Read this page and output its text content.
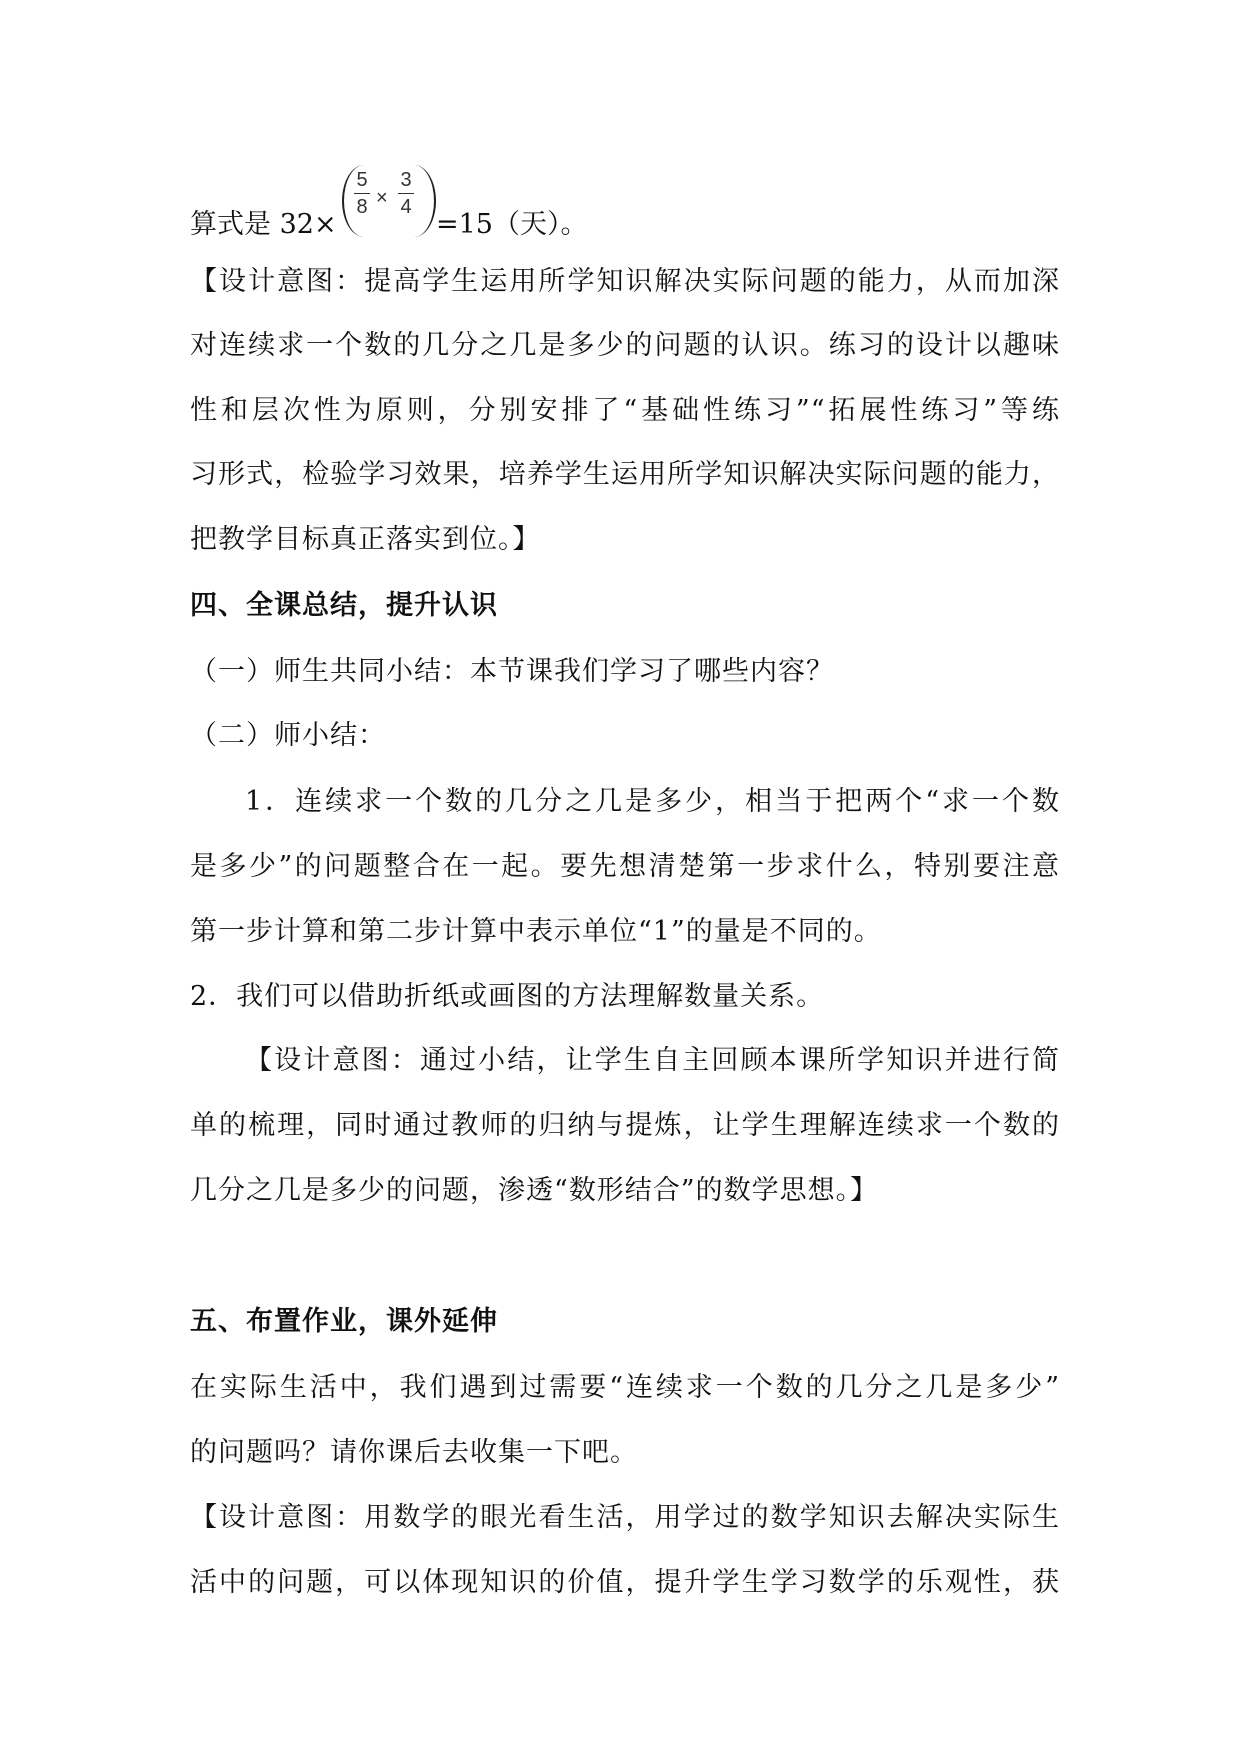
算式是 32×
5
8 ×
3
4
=15（天）。
【设计意图：提高学生运用所学知识解决实际问题的能力，从而加深
对连续求一个数的几分之几是多少的问题的认识。练习的设计以趣味
性和层次性为原则，分别安排了“基础性练习”“拓展性练习”等练
习形式，检验学习效果，培养学生运用所学知识解决实际问题的能力，
把教学目标真正落实到位。】
四、全课总结，提升认识
（一）师生共同小结：本节课我们学习了哪些内容？
（二）师小结：
1．连续求一个数的几分之几是多少，相当于把两个“求一个数
是多少”的问题整合在一起。要先想清楚第一步求什么，特别要注意
第一步计算和第二步计算中表示单位“1”的量是不同的。
2．我们可以借助折纸或画图的方法理解数量关系。
【设计意图：通过小结，让学生自主回顾本课所学知识并进行简
单的梳理，同时通过教师的归纳与提炼，让学生理解连续求一个数的
几分之几是多少的问题，渗透“数形结合”的数学思想。】
五、布置作业，课外延伸
在实际生活中，我们遇到过需要“连续求一个数的几分之几是多少”
的问题吗？请你课后去收集一下吧。
【设计意图：用数学的眼光看生活，用学过的数学知识去解决实际生
活中的问题，可以体现知识的价值，提升学生学习数学的乐观性，获
